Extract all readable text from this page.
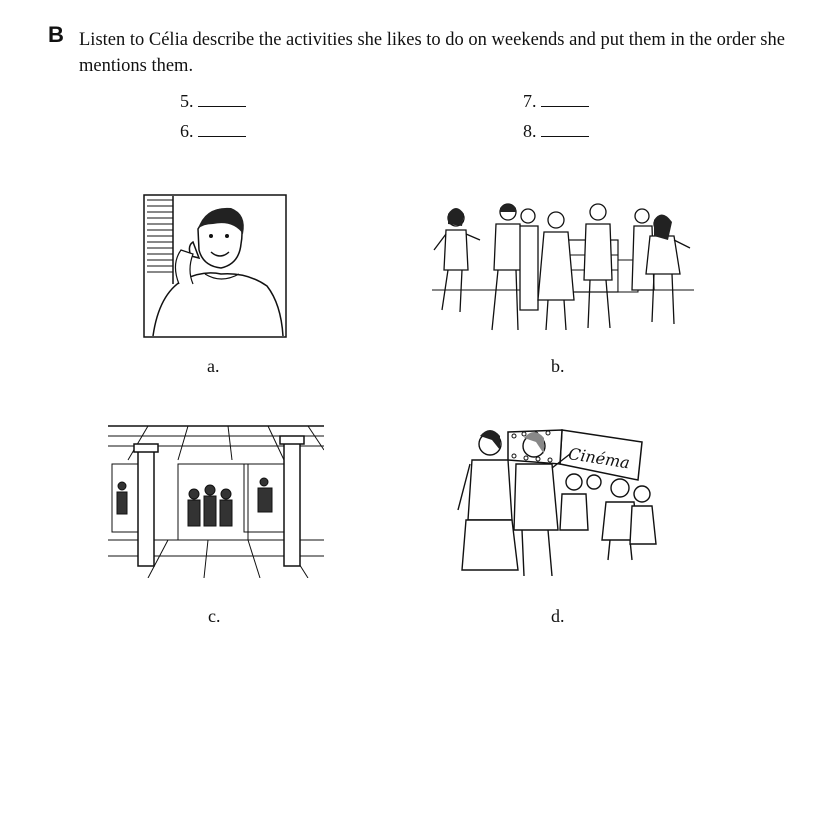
B Listen to Célia describe the activities she likes to do on weekends and put them in the order she mentions them.
5.
6.
7.
8.
a.	b.
c.
Cinéma
d.
